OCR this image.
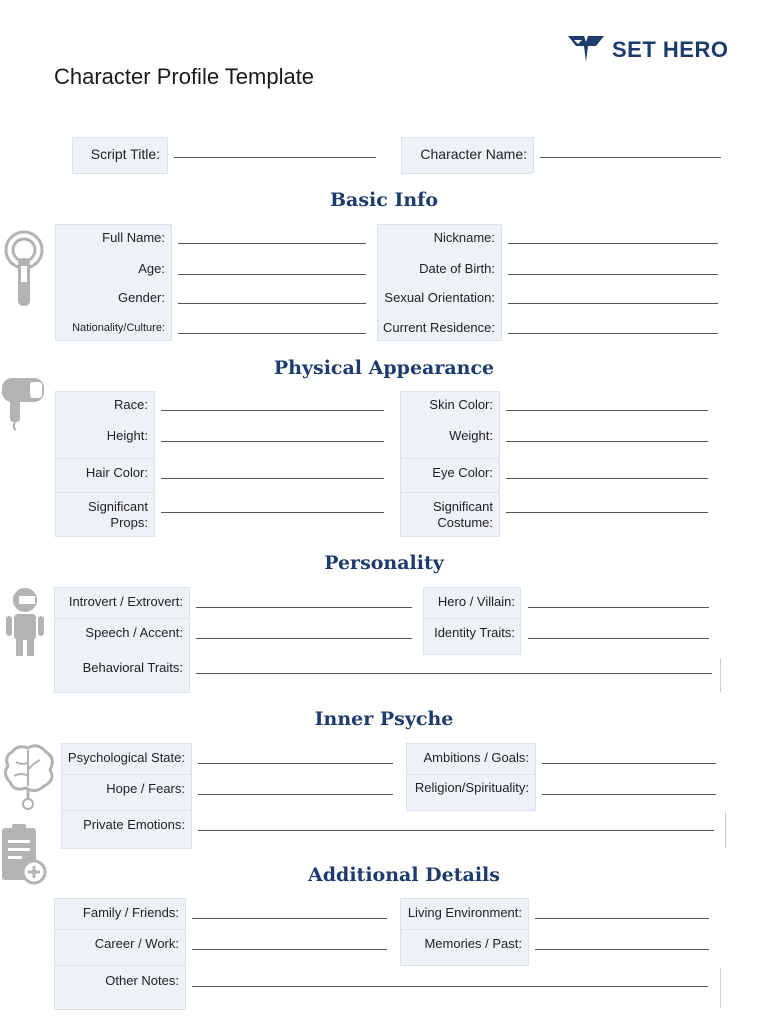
Character Profile Template
SET HERO
Script Title:	Character Name:
Basic Info
Full Name:
Age:
Gender:
Nationality/Culture:
Nickname:
Date of Birth:
Sexual Orientation:
Current Residence:
Physical Appearance
Race:
Height:
Hair Color:
Significant
Props:
Skin Color:
Weight:
Eye Color:
Significant
Costume:
Personality
Introvert / Extrovert:
Speech / Accent:
Behavioral Traits:
Hero / Villain:
Identity Traits:
Inner Psyche
Psychological State:
Hope / Fears:
Private Emotions:
Ambitions / Goals:
Religion/Spirituality:
Additional Details
Family / Friends:
Career / Work:
Other Notes:
Living Environment:
Memories / Past:
